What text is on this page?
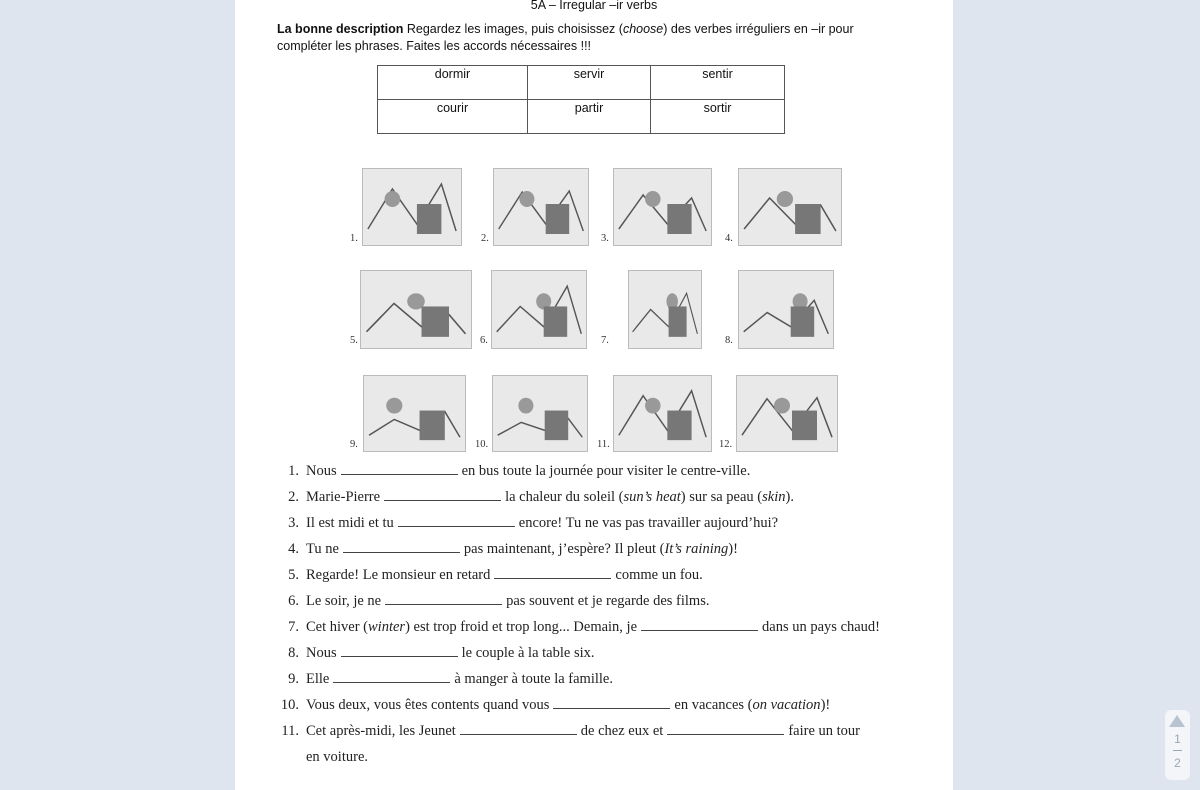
5A – Irregular –ir verbs
La bonne description Regardez les images, puis choisissez (choose) des verbes irréguliers en –ir pour compléter les phrases. Faites les accords nécessaires !!!
dormir	servir	sentir
courir	partir	sortir
1.	2.	3.	4.
5.	6.	7.	8.
9.	10.	11.	12.
1. Nous	en bus toute la journée pour visiter le centre-ville.
2. Marie-Pierre	la chaleur du soleil (sun’s heat) sur sa peau (skin).
3. Il est midi et tu	encore! Tu ne vas pas travailler aujourd’hui?
4. Tu ne	pas maintenant, j’espère? Il pleut (It’s raining)!
5. Regarde! Le monsieur en retard	comme un fou.
6. Le soir, je ne	pas souvent et je regarde des films.
7. Cet hiver (winter) est trop froid et trop long... Demain, je	dans un pays chaud!
8. Nous	le couple à la table six.
9. Elle	à manger à toute la famille.
10. Vous deux, vous êtes contents quand vous	en vacances (on vacation)!
11. Cet après-midi, les Jeunet	de chez eux et	faire un tour
en voiture.
1
2
